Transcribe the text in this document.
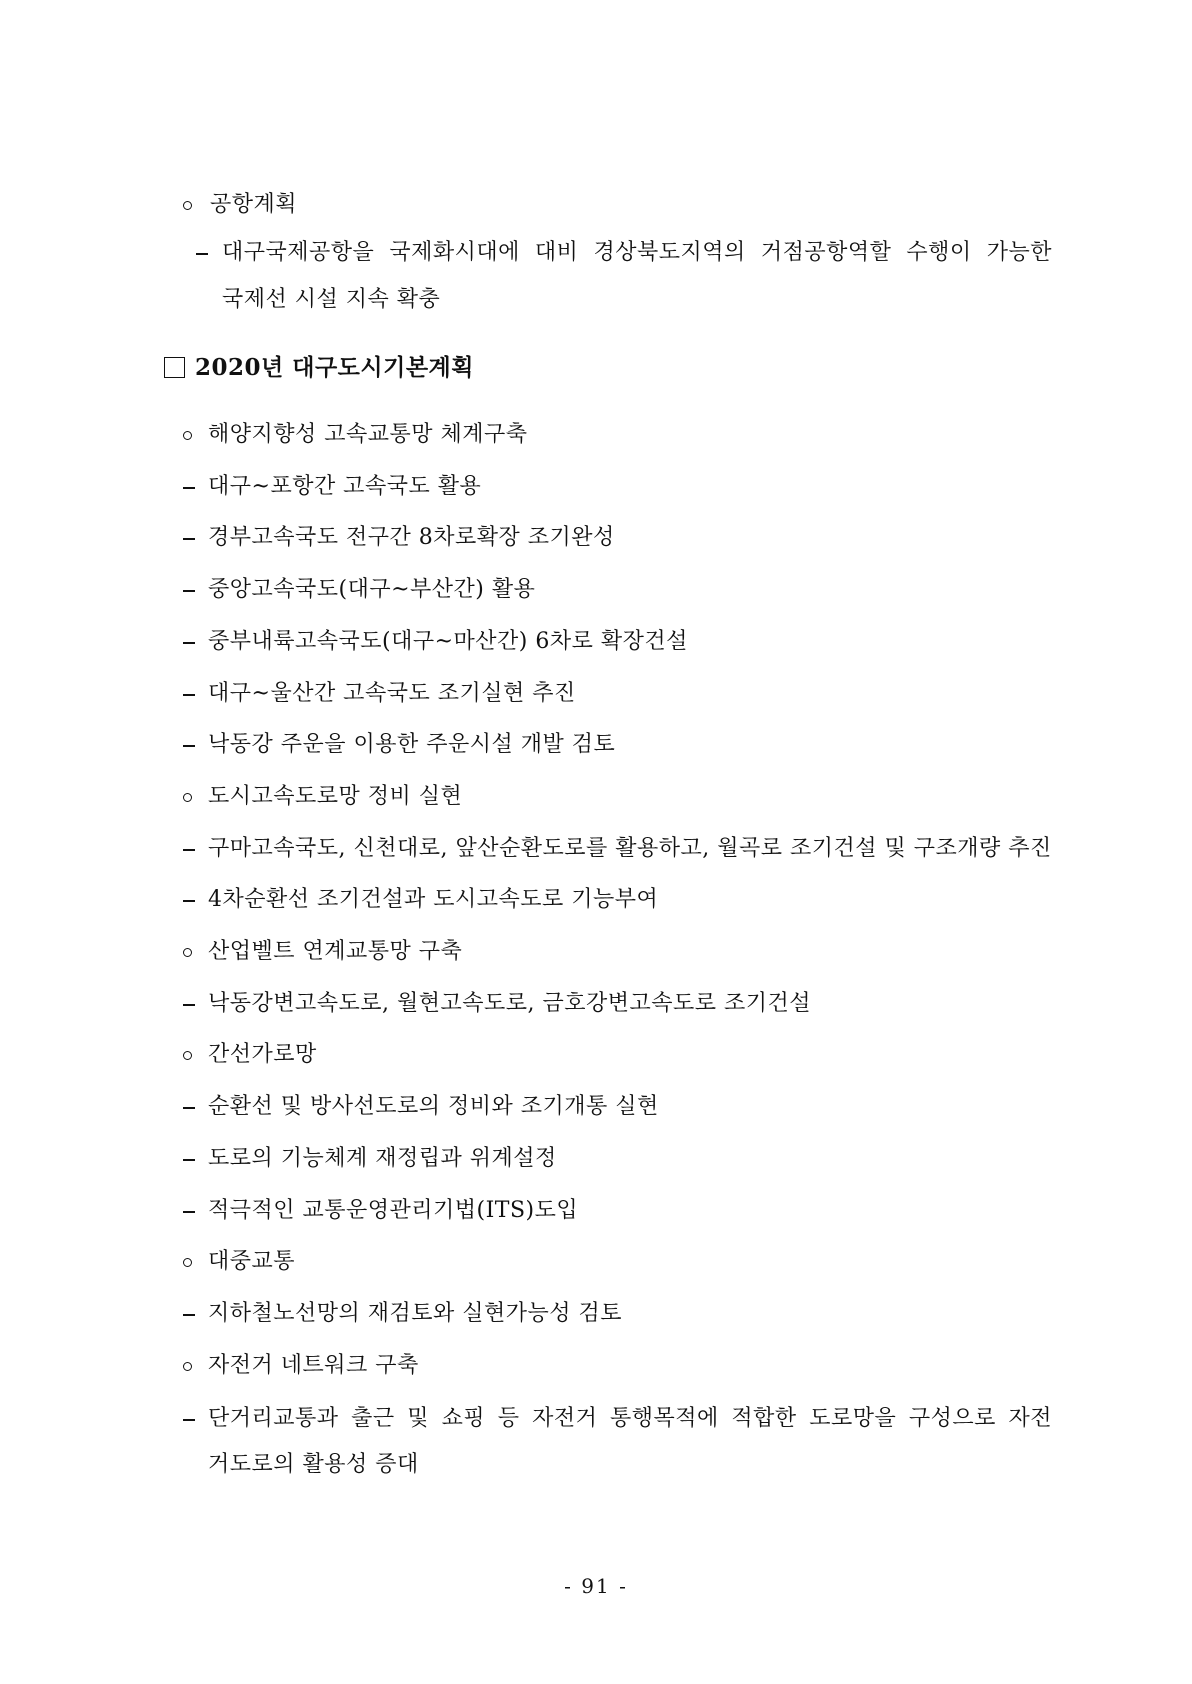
공항계획
대구국제공항을 국제화시대에 대비 경상북도지역의 거점공항역할 수행이 가능한
국제선 시설 지속 확충
2020년 대구도시기본계획
해양지향성 고속교통망 체계구축
대구~포항간 고속국도 활용
경부고속국도 전구간 8차로확장 조기완성
중앙고속국도(대구~부산간) 활용
중부내륙고속국도(대구~마산간) 6차로 확장건설
대구~울산간 고속국도 조기실현 추진
낙동강 주운을 이용한 주운시설 개발 검토
도시고속도로망 정비 실현
구마고속국도, 신천대로, 앞산순환도로를 활용하고, 월곡로 조기건설 및 구조개량 추진
4차순환선 조기건설과 도시고속도로 기능부여
산업벨트 연계교통망 구축
낙동강변고속도로, 월현고속도로, 금호강변고속도로 조기건설
간선가로망
순환선 및 방사선도로의 정비와 조기개통 실현
도로의 기능체계 재정립과 위계설정
적극적인 교통운영관리기법(ITS)도입
대중교통
지하철노선망의 재검토와 실현가능성 검토
자전거 네트워크 구축
단거리교통과 출근 및 쇼핑 등 자전거 통행목적에 적합한 도로망을 구성으로 자전
거도로의 활용성 증대
- 91 -
